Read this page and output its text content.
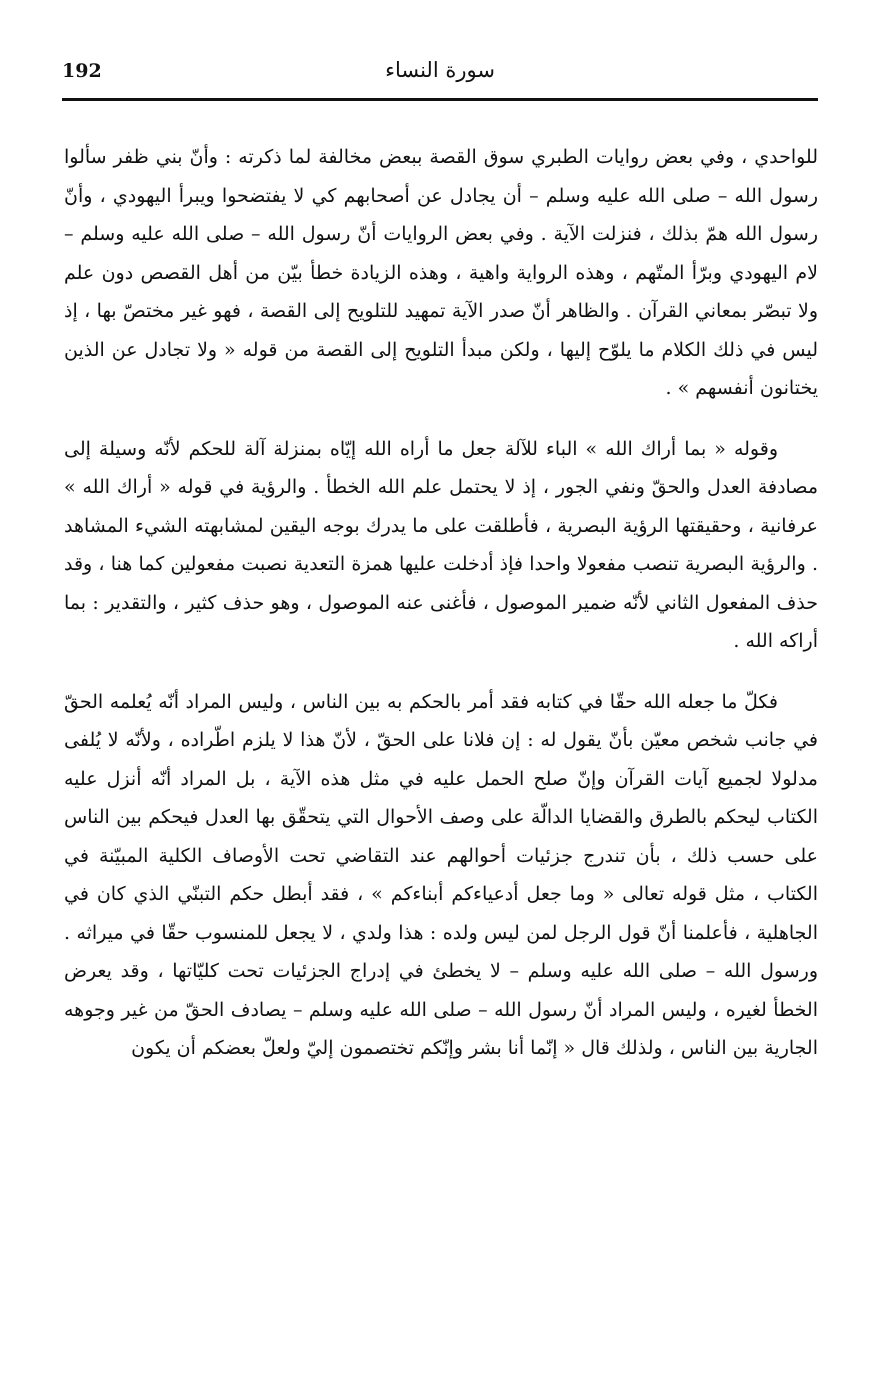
192	سورة النساء

للواحدي ، وفي بعض روايات الطبري سوق القصة ببعض مخالفة لما ذكرته : وأنّ بني ظفر سألوا رسول الله – صلى الله عليه وسلم – أن يجادل عن أصحابهم كي لا يفتضحوا ويبرأ اليهودي ، وأنّ رسول الله همّ بذلك ، فنزلت الآية . وفي بعض الروايات أنّ رسول الله – صلى الله عليه وسلم – لام اليهودي وبرّأ المتّهم ، وهذه الرواية واهية ، وهذه الزيادة خطأ بيّن من أهل القصص دون علم ولا تبصّر بمعاني القرآن . والظاهر أنّ صدر الآية تمهيد للتلويح إلى القصة ، فهو غير مختصّ بها ، إذ ليس في ذلك الكلام ما يلوّح إليها ، ولكن مبدأ التلويح إلى القصة من قوله « ولا تجادل عن الذين يختانون أنفسهم » .

وقوله « بما أراك الله » الباء للآلة جعل ما أراه الله إيّاه بمنزلة آلة للحكم لأنّه وسيلة إلى مصادفة العدل والحقّ ونفي الجور ، إذ لا يحتمل علم الله الخطأ . والرؤية في قوله « أراك الله » عرفانية ، وحقيقتها الرؤية البصرية ، فأطلقت على ما يدرك بوجه اليقين لمشابهته الشيء المشاهد . والرؤية البصرية تنصب مفعولا واحدا فإذ أدخلت عليها همزة التعدية نصبت مفعولين كما هنا ، وقد حذف المفعول الثاني لأنّه ضمير الموصول ، فأغنى عنه الموصول ، وهو حذف كثير ، والتقدير : بما أراكه الله .

فكلّ ما جعله الله حقّا في كتابه فقد أمر بالحكم به بين الناس ، وليس المراد أنّه يُعلمه الحقّ في جانب شخص معيّن بأنّ يقول له : إن فلانا على الحقّ ، لأنّ هذا لا يلزم اطّراده ، ولأنّه لا يُلفى مدلولا لجميع آيات القرآن وإنّ صلح الحمل عليه في مثل هذه الآية ، بل المراد أنّه أنزل عليه الكتاب ليحكم بالطرق والقضايا الدالّة على وصف الأحوال التي يتحقّق بها العدل فيحكم بين الناس على حسب ذلك ، بأن تندرج جزئيات أحوالهم عند التقاضي تحت الأوصاف الكلية المبيّنة في الكتاب ، مثل قوله تعالى « وما جعل أدعياءكم أبناءكم » ، فقد أبطل حكم التبنّي الذي كان في الجاهلية ، فأعلمنا أنّ قول الرجل لمن ليس ولده : هذا ولدي ، لا يجعل للمنسوب حقّا في ميراثه . ورسول الله – صلى الله عليه وسلم – لا يخطئ في إدراج الجزئيات تحت كليّاتها ، وقد يعرض الخطأ لغيره ، وليس المراد أنّ رسول الله – صلى الله عليه وسلم – يصادف الحقّ من غير وجوهه الجارية بين الناس ، ولذلك قال « إنّما أنا بشر وإنّكم تختصمون إليّ ولعلّ بعضكم أن يكون
